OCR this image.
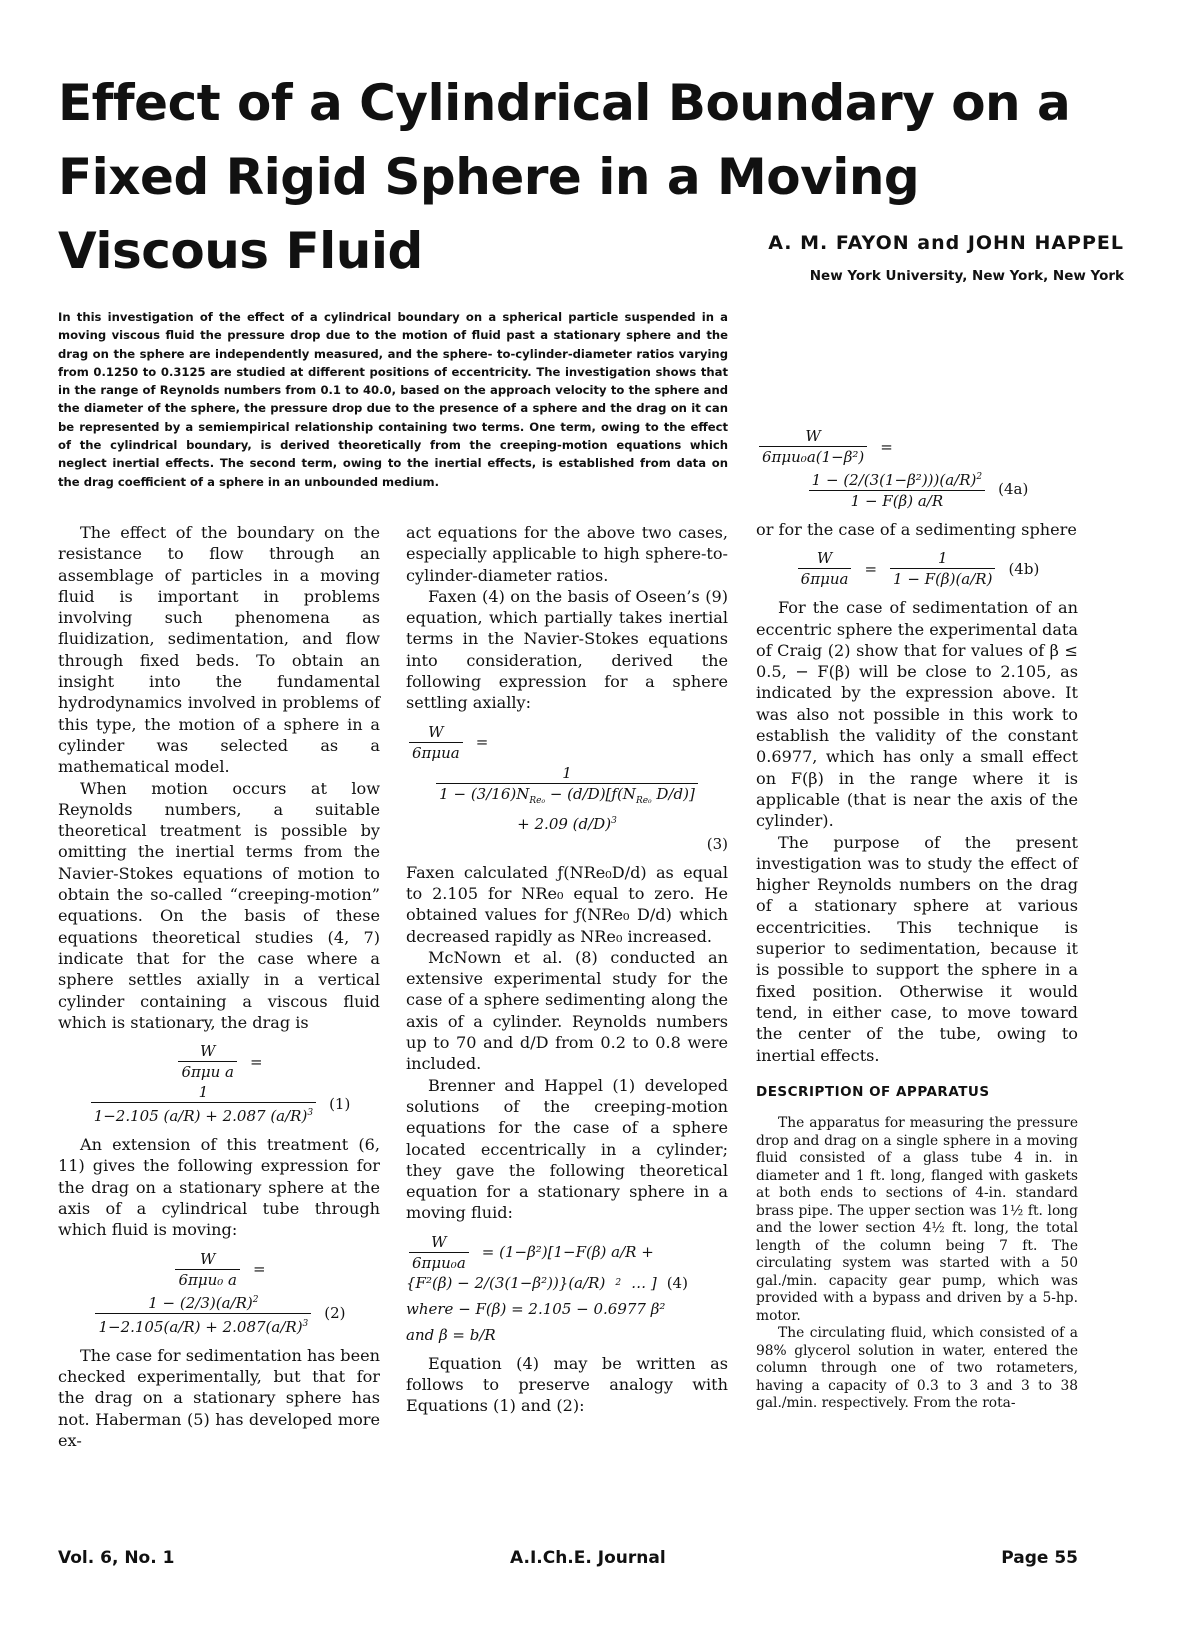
Effect of a Cylindrical Boundary on a Fixed Rigid Sphere in a Moving Viscous Fluid	A. M. FAYON and JOHN HAPPEL
New York University, New York, New York

In this investigation of the effect of a cylindrical boundary on a spherical particle suspended in a moving viscous fluid the pressure drop due to the motion of fluid past a stationary sphere and the drag on the sphere are independently measured, and the sphere- to-cylinder-diameter ratios varying from 0.1250 to 0.3125 are studied at different positions of eccentricity. The investigation shows that in the range of Reynolds numbers from 0.1 to 40.0, based on the approach velocity to the sphere and the diameter of the sphere, the pressure drop due to the presence of a sphere and the drag on it can be represented by a semiempirical relationship containing two terms. One term, owing to the effect of the cylindrical boundary, is derived theoretically from the creeping-motion equations which neglect inertial effects. The second term, owing to the inertial effects, is established from data on the drag coefficient of a sphere in an unbounded medium.

The effect of the boundary on the resistance to flow through an assemblage of particles in a moving fluid is important in problems involving such phenomena as fluidization, sedimentation, and flow through fixed beds. To obtain an insight into the fundamental hydrodynamics involved in problems of this type, the motion of a sphere in a cylinder was selected as a mathematical model.

When motion occurs at low Reynolds numbers, a suitable theoretical treatment is possible by omitting the inertial terms from the Navier-Stokes equations of motion to obtain the so-called “creeping-motion” equations. On the basis of these equations theoretical studies (4, 7) indicate that for the case where a sphere settles axially in a vertical cylinder containing a viscous fluid which is stationary, the drag is

$\frac{W}{\text{6πμu a}}$ =
$\frac{1}{1-2.105 (a/R) + 2.087 (a/R)^3} (1)$

An extension of this treatment (6, 11) gives the following expression for the drag on a stationary sphere at the axis of a cylindrical tube through which fluid is moving:

$\frac{W}{\text{6πμu₀ a}}$ =
$\frac{1 - (2/3)(a/R)^2}{1-2.105(a/R) + 2.087(a/R)^3} (2)$

The case for sedimentation has been checked experimentally, but that for the drag on a stationary sphere has not. Haberman (5) has developed more ex-

act equations for the above two cases, especially applicable to high sphere-to-cylinder-diameter ratios.

Faxen (4) on the basis of Oseen’s (9) equation, which partially takes inertial terms in the Navier-Stokes equations into consideration, derived the following expression for a sphere settling axially:

$\frac{W}{\text{6πμua}}$ =
1
$1 - (3/16)N_{Re_0}$ − $(d/D)[ƒ(N_{Re_0}$ D/d)]
+ 2.09 $(d/D)^3$
(3)

Faxen calculated ƒ(NRe₀D/d) as equal to 2.105 for NRe₀ equal to zero. He obtained values for ƒ(NRe₀ D/d) which decreased rapidly as NRe₀ increased.

McNown et al. (8) conducted an extensive experimental study for the case of a sphere sedimenting along the axis of a cylinder. Reynolds numbers up to 70 and d/D from 0.2 to 0.8 were included.

Brenner and Happel (1) developed solutions of the creeping-motion equations for the case of a sphere located eccentrically in a cylinder; they gave the following theoretical equation for a stationary sphere in a moving fluid:

$\frac{W}{\text{6πμu₀a}} = (1-\beta^2)[1-F(\beta) a/R$ +
{F²(β) − 2/(3(1−β²))}(a/R) 2 … ] (4)
where − F(β) = 2.105 − 0.6977 β²
and β = b/R

Equation (4) may be written as follows to preserve analogy with Equations (1) and (2):

$\frac{W}{\text{6πμu₀a(1−β²)}}$ =
$\frac{1 - (2/(3(1-\beta^2)))(a/R)^2}{1 - F(\beta) a/R} (4a)$

or for the case of a sedimenting sphere

$\frac{W}{\text{6πμua}} = \frac{1}{1 - F(\beta)(a/R)} (4b)$

For the case of sedimentation of an eccentric sphere the experimental data of Craig (2) show that for values of β ≤ 0.5, − F(β) will be close to 2.105, as indicated by the expression above. It was also not possible in this work to establish the validity of the constant 0.6977, which has only a small effect on F(β) in the range where it is applicable (that is near the axis of the cylinder).

The purpose of the present investigation was to study the effect of higher Reynolds numbers on the drag of a stationary sphere at various eccentricities. This technique is superior to sedimentation, because it is possible to support the sphere in a fixed position. Otherwise it would tend, in either case, to move toward the center of the tube, owing to inertial effects.

DESCRIPTION OF APPARATUS

The apparatus for measuring the pressure drop and drag on a single sphere in a moving fluid consisted of a glass tube 4 in. in diameter and 1 ft. long, flanged with gaskets at both ends to sections of 4-in. standard brass pipe. The upper section was 1½ ft. long and the lower section 4½ ft. long, the total length of the column being 7 ft. The circulating system was started with a 50 gal./min. capacity gear pump, which was provided with a bypass and driven by a 5-hp. motor.

The circulating fluid, which consisted of a 98% glycerol solution in water, entered the column through one of two rotameters, having a capacity of 0.3 to 3 and 3 to 38 gal./min. respectively. From the rota-

Vol. 6, No. 1	A.I.Ch.E. Journal	Page 55
